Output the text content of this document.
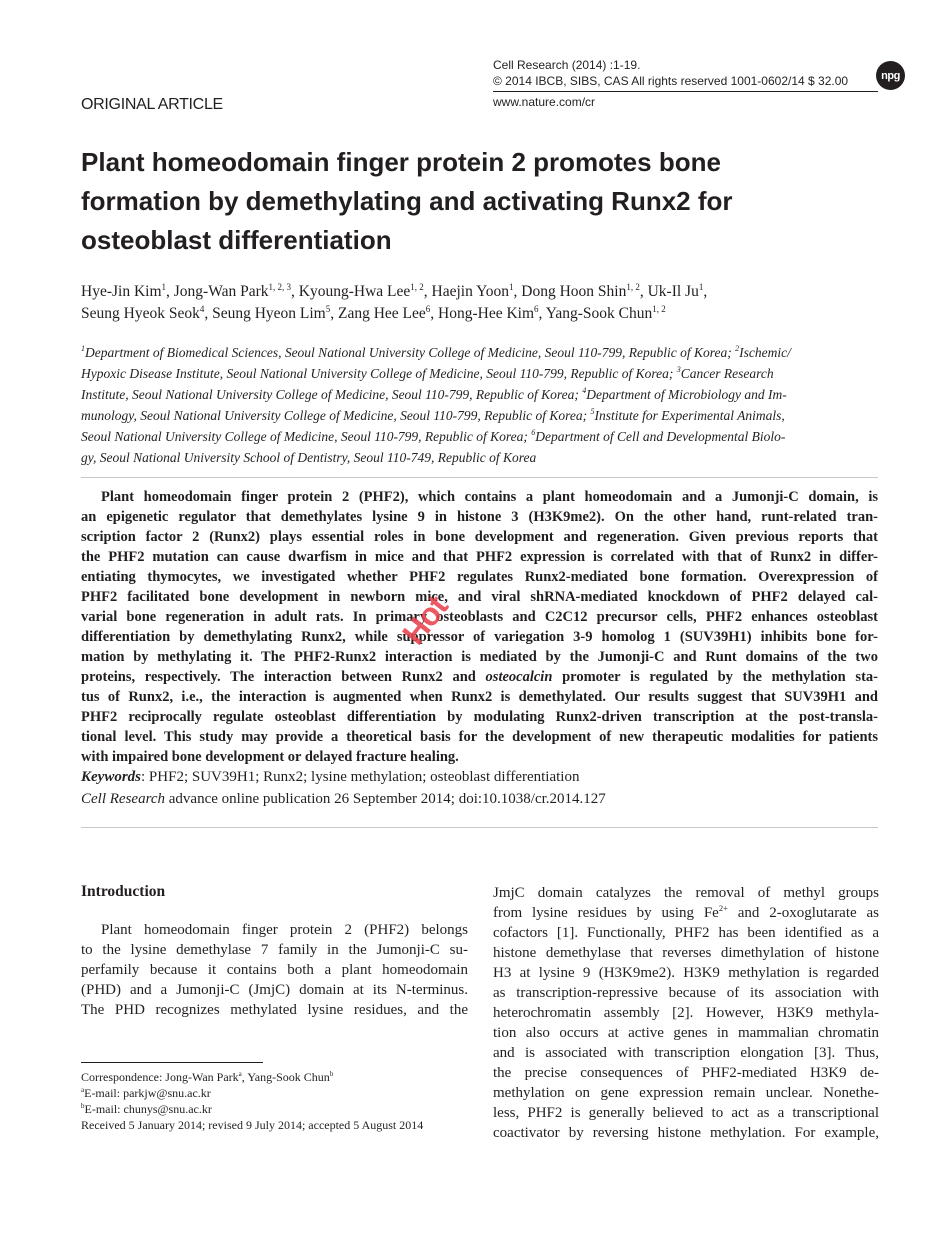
Cell Research (2014) :1-19.
© 2014 IBCB, SIBS, CAS All rights reserved 1001-0602/14 $ 32.00
www.nature.com/cr
npg
ORIGINAL ARTICLE
Plant homeodomain finger protein 2 promotes bone
formation by demethylating and activating Runx2 for
osteoblast differentiation
Hye-Jin Kim$^1$, Jong-Wan Park$^{1, 2, 3}$, Kyoung-Hwa Lee$^{1, 2}$, Haejin Yoon$^1$, Dong Hoon Shin$^{1, 2}$, Uk-Il Ju$^1$,
Seung Hyeok Seok$^4$, Seung Hyeon Lim$^5$, Zang Hee Lee$^6$, Hong-Hee Kim$^6$, Yang-Sook Chun$^{1, 2}$
$^1$Department of Biomedical Sciences, Seoul National University College of Medicine, Seoul 110-799, Republic of Korea; $^2$Ischemic/
Hypoxic Disease Institute, Seoul National University College of Medicine, Seoul 110-799, Republic of Korea; $^3$Cancer Research
Institute, Seoul National University College of Medicine, Seoul 110-799, Republic of Korea; $^4$Department of Microbiology and Im-
munology, Seoul National University College of Medicine, Seoul 110-799, Republic of Korea; $^5$Institute for Experimental Animals,
Seoul National University College of Medicine, Seoul 110-799, Republic of Korea; $^6$Department of Cell and Developmental Biolo-
gy, Seoul National University School of Dentistry, Seoul 110-749, Republic of Korea
Plant homeodomain finger protein 2 (PHF2), which contains a plant homeodomain and a Jumonji-C domain, is
an epigenetic regulator that demethylates lysine 9 in histone 3 (H3K9me2). On the other hand, runt-related tran-
scription factor 2 (Runx2) plays essential roles in bone development and regeneration. Given previous reports that
the PHF2 mutation can cause dwarfism in mice and that PHF2 expression is correlated with that of Runx2 in differ-
entiating thymocytes, we investigated whether PHF2 regulates Runx2-mediated bone formation. Overexpression of
PHF2 facilitated bone development in newborn mice, and viral shRNA-mediated knockdown of PHF2 delayed cal-
varial bone regeneration in adult rats. In primary osteoblasts and C2C12 precursor cells, PHF2 enhances osteoblast
differentiation by demethylating Runx2, while suppressor of variegation 3-9 homolog 1 (SUV39H1) inhibits bone for-
mation by methylating it. The PHF2-Runx2 interaction is mediated by the Jumonji-C and Runt domains of the two
proteins, respectively. The interaction between Runx2 and osteocalcin promoter is regulated by the methylation sta-
tus of Runx2, i.e., the interaction is augmented when Runx2 is demethylated. Our results suggest that SUV39H1 and
PHF2 reciprocally regulate osteoblast differentiation by modulating Runx2-driven transcription at the post-transla-
tional level. This study may provide a theoretical basis for the development of new therapeutic modalities for patients
with impaired bone development or delayed fracture healing.
Keywords: PHF2; SUV39H1; Runx2; lysine methylation; osteoblast differentiation
Cell Research advance online publication 26 September 2014; doi:10.1038/cr.2014.127
Hot
Introduction
Plant homeodomain finger protein 2 (PHF2) belongs
to the lysine demethylase 7 family in the Jumonji-C su-
perfamily because it contains both a plant homeodomain
(PHD) and a Jumonji-C (JmjC) domain at its N-terminus.
The PHD recognizes methylated lysine residues, and the
JmjC domain catalyzes the removal of methyl groups
from lysine residues by using $Fe^{2+}$ and 2-oxoglutarate as
cofactors [1]. Functionally, PHF2 has been identified as a
histone demethylase that reverses dimethylation of histone
H3 at lysine 9 (H3K9me2). H3K9 methylation is regarded
as transcription-repressive because of its association with
heterochromatin assembly [2]. However, H3K9 methyla-
tion also occurs at active genes in mammalian chromatin
and is associated with transcription elongation [3]. Thus,
the precise consequences of PHF2-mediated H3K9 de-
methylation on gene expression remain unclear. Nonethe-
less, PHF2 is generally believed to act as a transcriptional
coactivator by reversing histone methylation. For example,
Correspondence: Jong-Wan Park$^a$, Yang-Sook Chun$^b$
$^a$E-mail: parkjw@snu.ac.kr
$^b$E-mail: chunys@snu.ac.kr
Received 5 January 2014; revised 9 July 2014; accepted 5 August 2014
